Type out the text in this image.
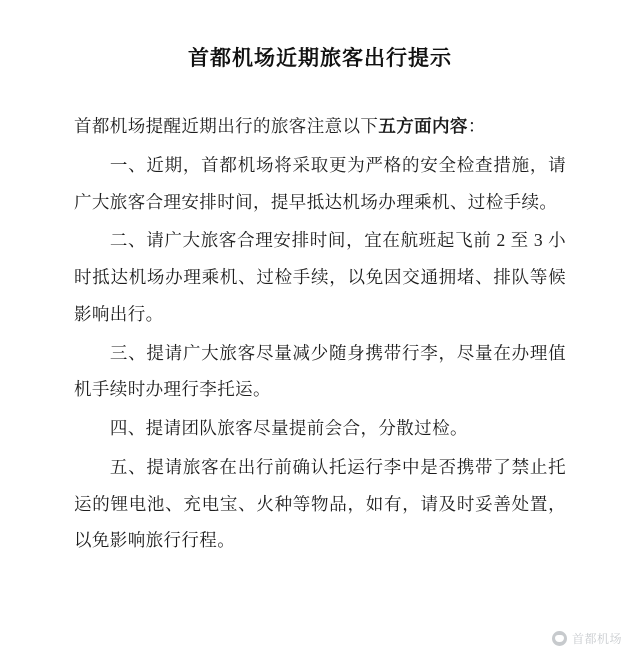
首都机场近期旅客出行提示

首都机场提醒近期出行的旅客注意以下五方面内容：

一、近期，首都机场将采取更为严格的安全检查措施，请广大旅客合理安排时间，提早抵达机场办理乘机、过检手续。

二、请广大旅客合理安排时间，宜在航班起飞前 2 至 3 小时抵达机场办理乘机、过检手续，以免因交通拥堵、排队等候影响出行。

三、提请广大旅客尽量减少随身携带行李，尽量在办理值机手续时办理行李托运。

四、提请团队旅客尽量提前会合，分散过检。

五、提请旅客在出行前确认托运行李中是否携带了禁止托运的锂电池、充电宝、火种等物品，如有，请及时妥善处置，以免影响旅行行程。

首都机场
